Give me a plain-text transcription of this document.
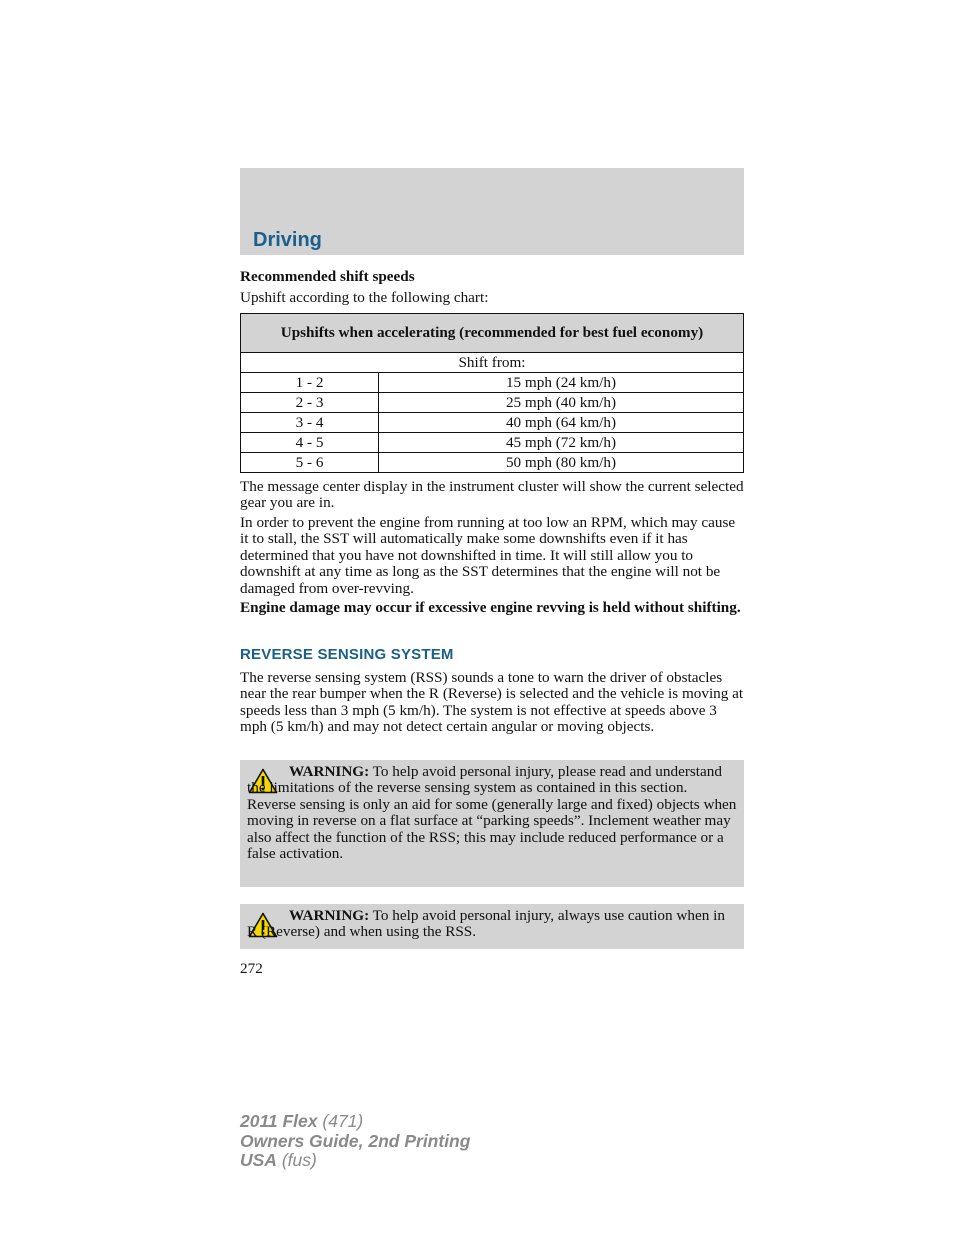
Driving
Recommended shift speeds
Upshift according to the following chart:
Upshifts when accelerating (recommended for best fuel economy)	
Shift from:	
1 - 2	15 mph (24 km/h)
2 - 3	25 mph (40 km/h)
3 - 4	40 mph (64 km/h)
4 - 5	45 mph (72 km/h)
5 - 6	50 mph (80 km/h)
The message center display in the instrument cluster will show the current selected gear you are in.
In order to prevent the engine from running at too low an RPM, which may cause it to stall, the SST will automatically make some downshifts even if it has determined that you have not downshifted in time. It will still allow you to downshift at any time as long as the SST determines that the engine will not be damaged from over-revving.
Engine damage may occur if excessive engine revving is held without shifting.
REVERSE SENSING SYSTEM
The reverse sensing system (RSS) sounds a tone to warn the driver of obstacles near the rear bumper when the R (Reverse) is selected and the vehicle is moving at speeds less than 3 mph (5 km/h). The system is not effective at speeds above 3 mph (5 km/h) and may not detect certain angular or moving objects.
WARNING: To help avoid personal injury, please read and understand the limitations of the reverse sensing system as contained in this section. Reverse sensing is only an aid for some (generally large and fixed) objects when moving in reverse on a flat surface at “parking speeds”. Inclement weather may also affect the function of the RSS; this may include reduced performance or a false activation.
WARNING: To help avoid personal injury, always use caution when in R (Reverse) and when using the RSS.
272
2011 Flex (471)
Owners Guide, 2nd Printing
USA (fus)
